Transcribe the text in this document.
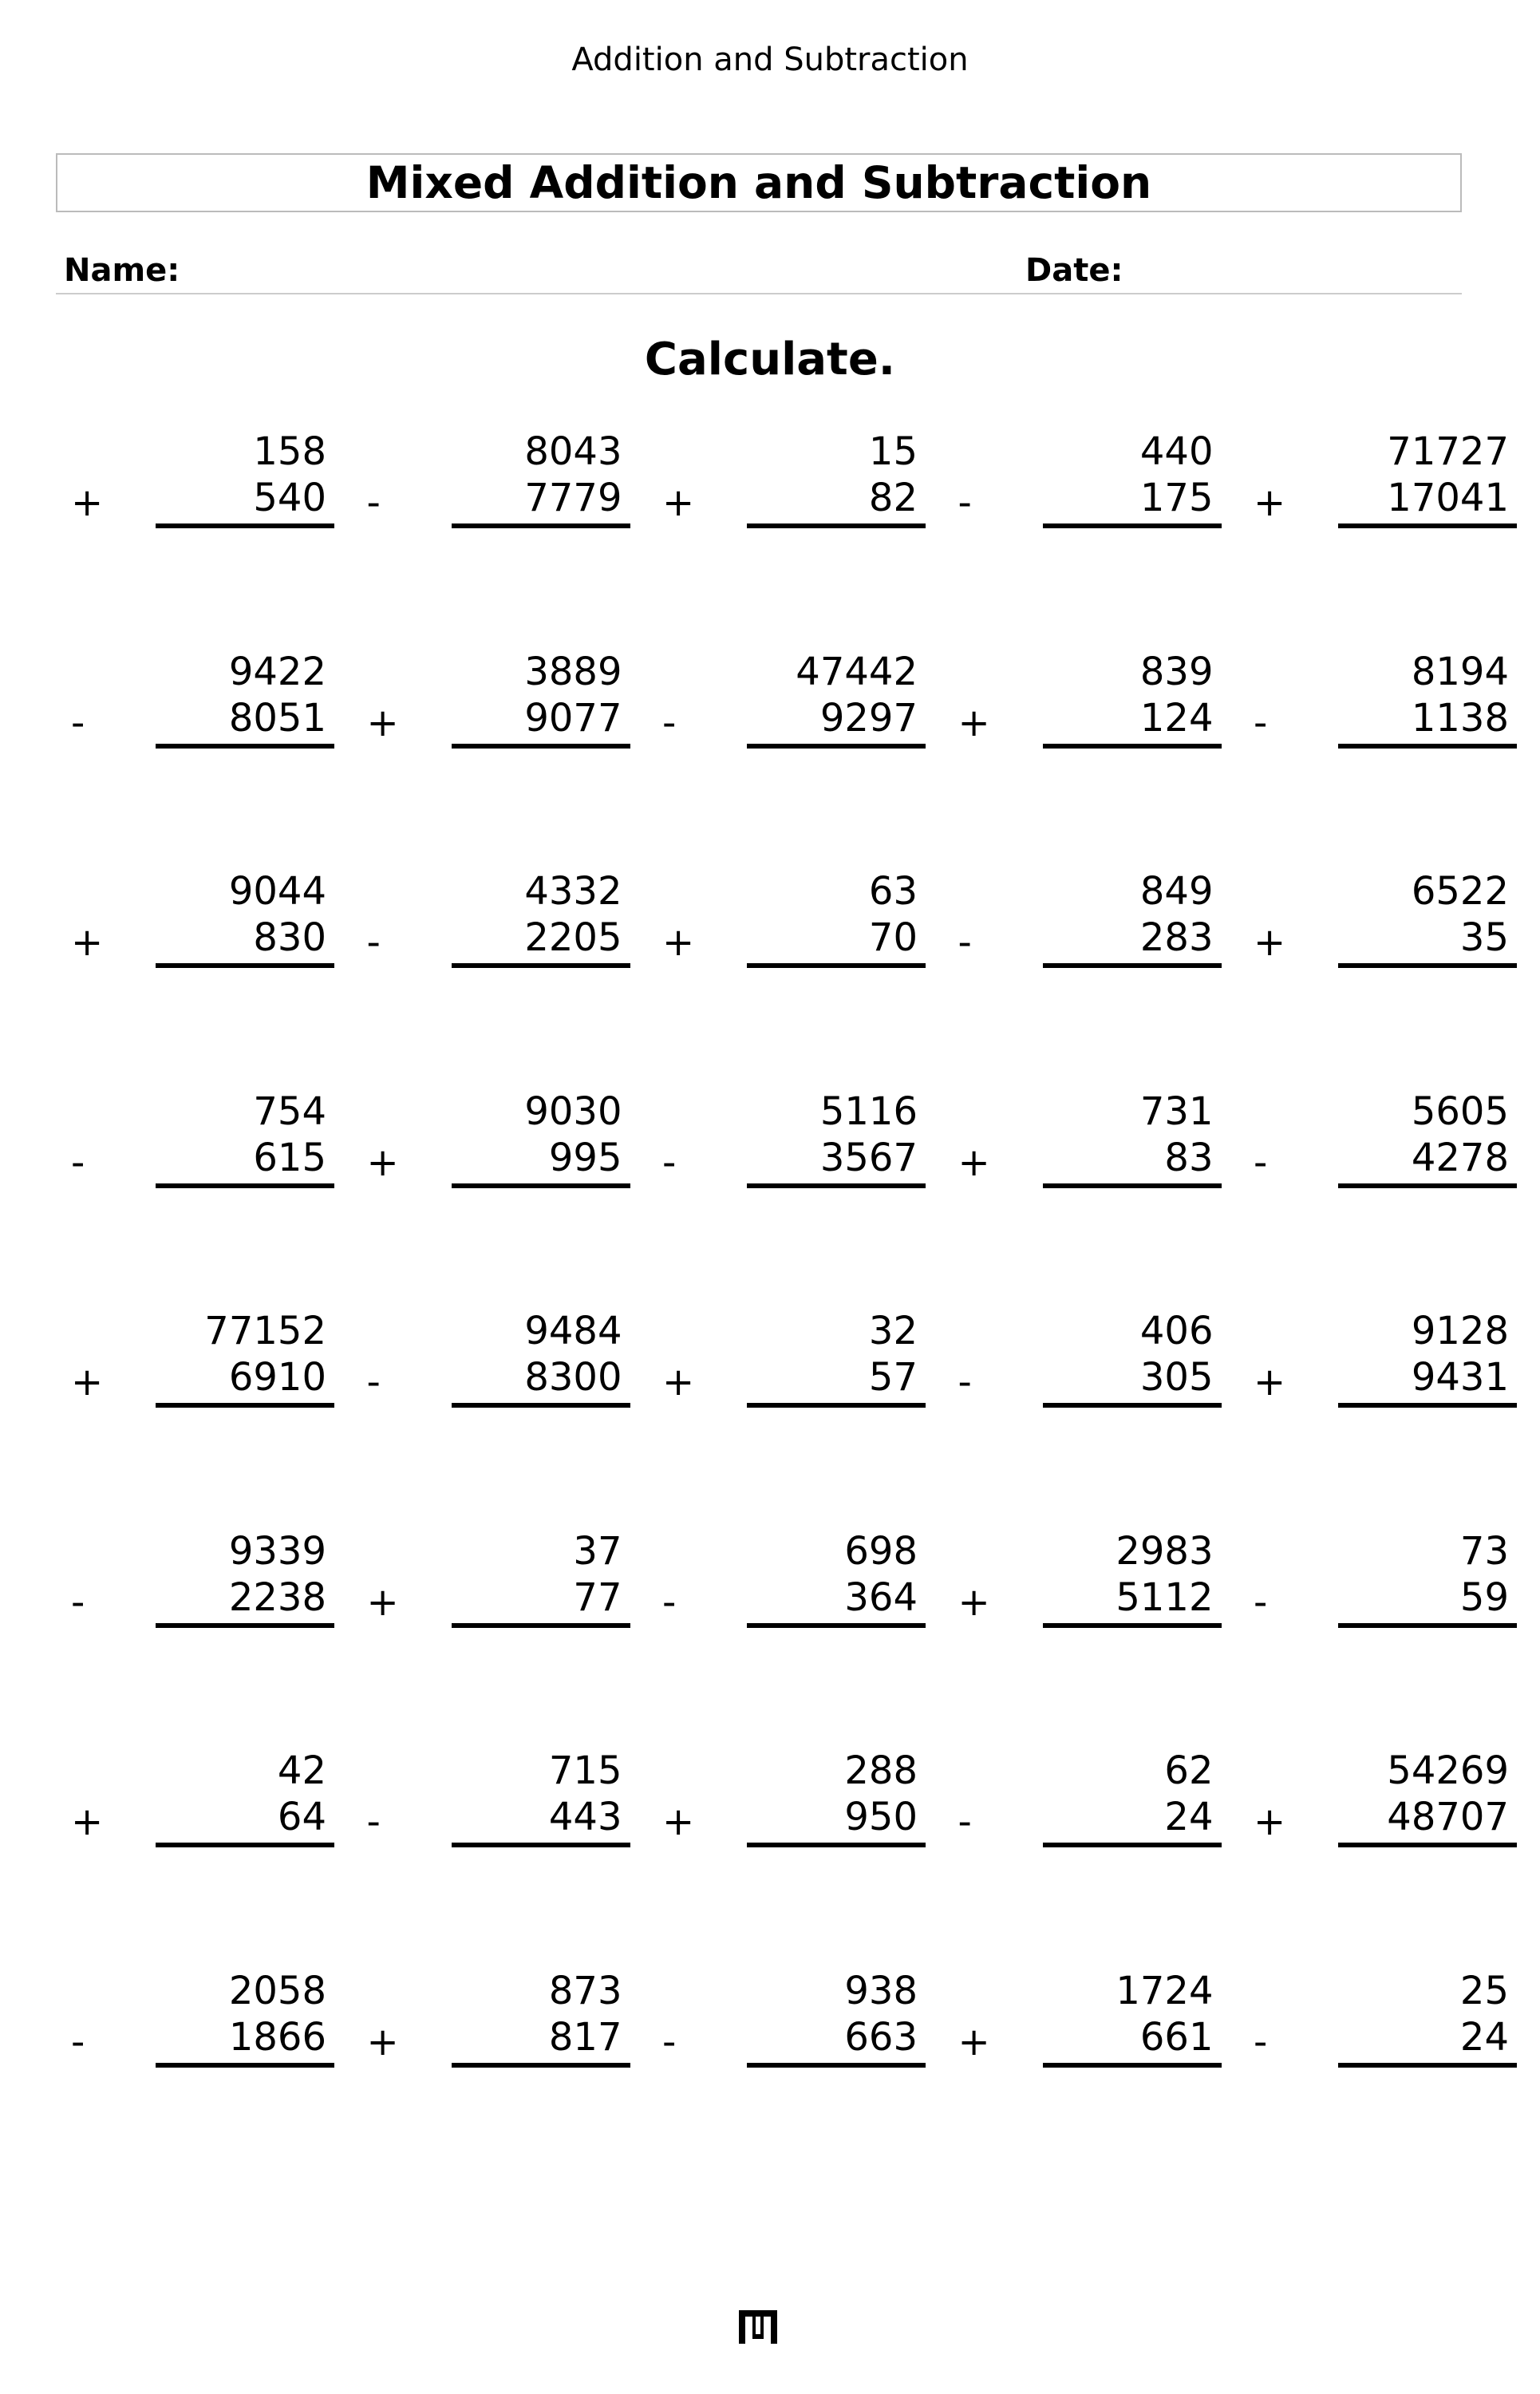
Addition and Subtraction
Mixed Addition and Subtraction
Name:	Date:
Calculate.
158
+	540
8043
-	7779
15
+	82
440
-	175
71727
+	17041
9422
-	8051
3889
+	9077
47442
-	9297
839
+	124
8194
-	1138
9044
+	830
4332
-	2205
63
+	70
849
-	283
6522
+	35
754
-	615
9030
+	995
5116
-	3567
731
+	83
5605
-	4278
77152
+	6910
9484
-	8300
32
+	57
406
-	305
9128
+	9431
9339
-	2238
37
+	77
698
-	364
2983
+	5112
73
-	59
42
+	64
715
-	443
288
+	950
62
-	24
54269
+	48707
2058
-	1866
873
+	817
938
-	663
1724
+	661
25
-	24
